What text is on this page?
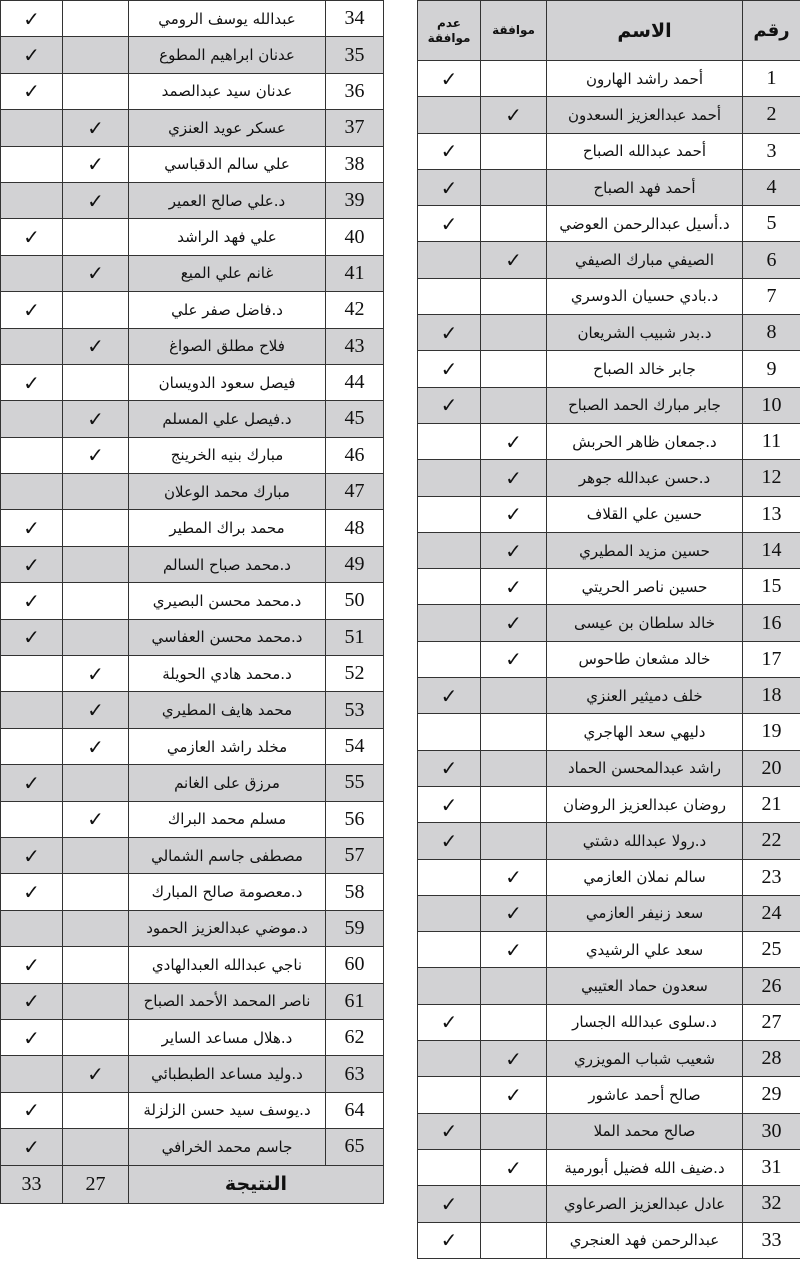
رقم	الاسم	موافقة	عدم موافقة
1	أحمد راشد الهارون		✓
2	أحمد عبدالعزيز السعدون	✓	
3	أحمد عبدالله الصباح		✓
4	أحمد فهد الصباح		✓
5	د.أسيل عبدالرحمن العوضي		✓
6	الصيفي مبارك الصيفي	✓	
7	د.بادي حسيان الدوسري		
8	د.بدر شبيب الشريعان		✓
9	جابر خالد الصباح		✓
10	جابر مبارك الحمد الصباح		✓
11	د.جمعان ظاهر الحربش	✓	
12	د.حسن عبدالله جوهر	✓	
13	حسين علي القلاف	✓	
14	حسين مزيد المطيري	✓	
15	حسين ناصر الحريتي	✓	
16	خالد سلطان بن عيسى	✓	
17	خالد مشعان طاحوس	✓	
18	خلف دميثير العنزي		✓
19	دليهي سعد الهاجري		
20	راشد عبدالمحسن الحماد		✓
21	روضان عبدالعزيز الروضان		✓
22	د.رولا عبدالله دشتي		✓
23	سالم نملان العازمي	✓	
24	سعد زنيفر العازمي	✓	
25	سعد علي الرشيدي	✓	
26	سعدون حماد العتيبي		
27	د.سلوى عبدالله الجسار		✓
28	شعيب شباب المويزري	✓	
29	صالح أحمد عاشور	✓	
30	صالح محمد الملا		✓
31	د.ضيف الله فضيل أبورمية	✓	
32	عادل عبدالعزيز الصرعاوي		✓
33	عبدالرحمن فهد العنجري		✓
34	عبدالله يوسف الرومي		✓
35	عدنان ابراهيم المطوع		✓
36	عدنان سيد عبدالصمد		✓
37	عسكر عويد العنزي	✓	
38	علي سالم الدقباسي	✓	
39	د.علي صالح العمير	✓	
40	علي فهد الراشد		✓
41	غانم علي الميع	✓	
42	د.فاضل صفر علي		✓
43	فلاح مطلق الصواغ	✓	
44	فيصل سعود الدويسان		✓
45	د.فيصل علي المسلم	✓	
46	مبارك بنيه الخرينج	✓	
47	مبارك محمد الوعلان		
48	محمد براك المطير		✓
49	د.محمد صباح السالم		✓
50	د.محمد محسن البصيري		✓
51	د.محمد محسن العفاسي		✓
52	د.محمد هادي الحويلة	✓	
53	محمد هايف المطيري	✓	
54	مخلد راشد العازمي	✓	
55	مرزق على الغانم		✓
56	مسلم محمد البراك	✓	
57	مصطفى جاسم الشمالي		✓
58	د.معصومة صالح المبارك		✓
59	د.موضي عبدالعزيز الحمود		
60	ناجي عبدالله العبدالهادي		✓
61	ناصر المحمد الأحمد الصباح		✓
62	د.هلال مساعد الساير		✓
63	د.وليد مساعد الطبطبائي	✓	
64	د.يوسف سيد حسن الزلزلة		✓
65	جاسم محمد الخرافي		✓
النتيجة		27	33
